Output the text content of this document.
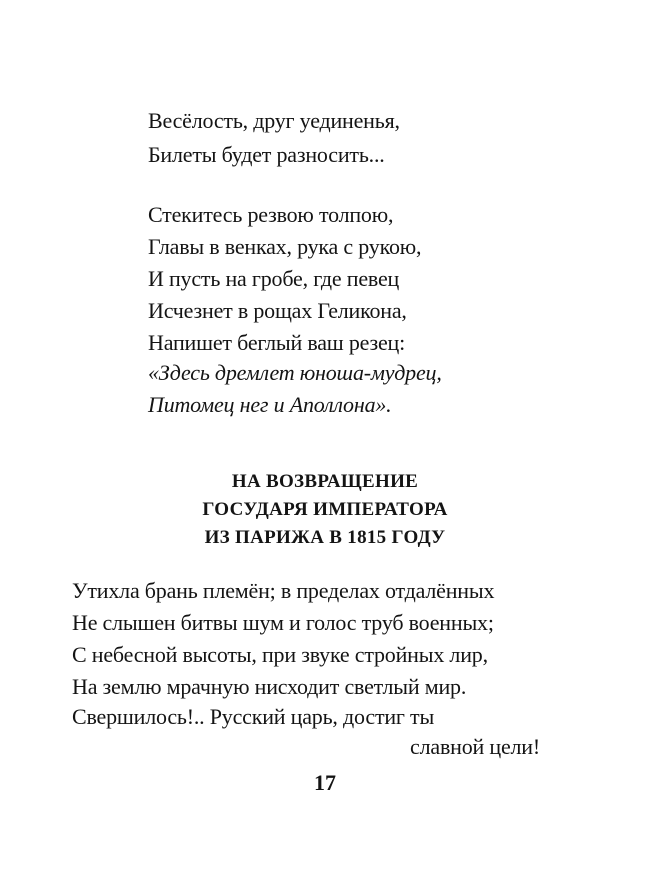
Весёлость, друг уединенья,
Билеты будет разносить...
Стекитесь резвою толпою,
Главы в венках, рука с рукою,
И пусть на гробе, где певец
Исчезнет в рощах Геликона,
Напишет беглый ваш резец:
«Здесь дремлет юноша-мудрец,
Питомец нег и Аполлона».
НА ВОЗВРАЩЕНИЕ
ГОСУДАРЯ ИМПЕРАТОРА
ИЗ ПАРИЖА В 1815 ГОДУ
Утихла брань племён; в пределах отдалённых
Не слышен битвы шум и голос труб военных;
С небесной высоты, при звуке стройных лир,
На землю мрачную нисходит светлый мир.
Свершилось!.. Русский царь, достиг ты
славной цели!
17
